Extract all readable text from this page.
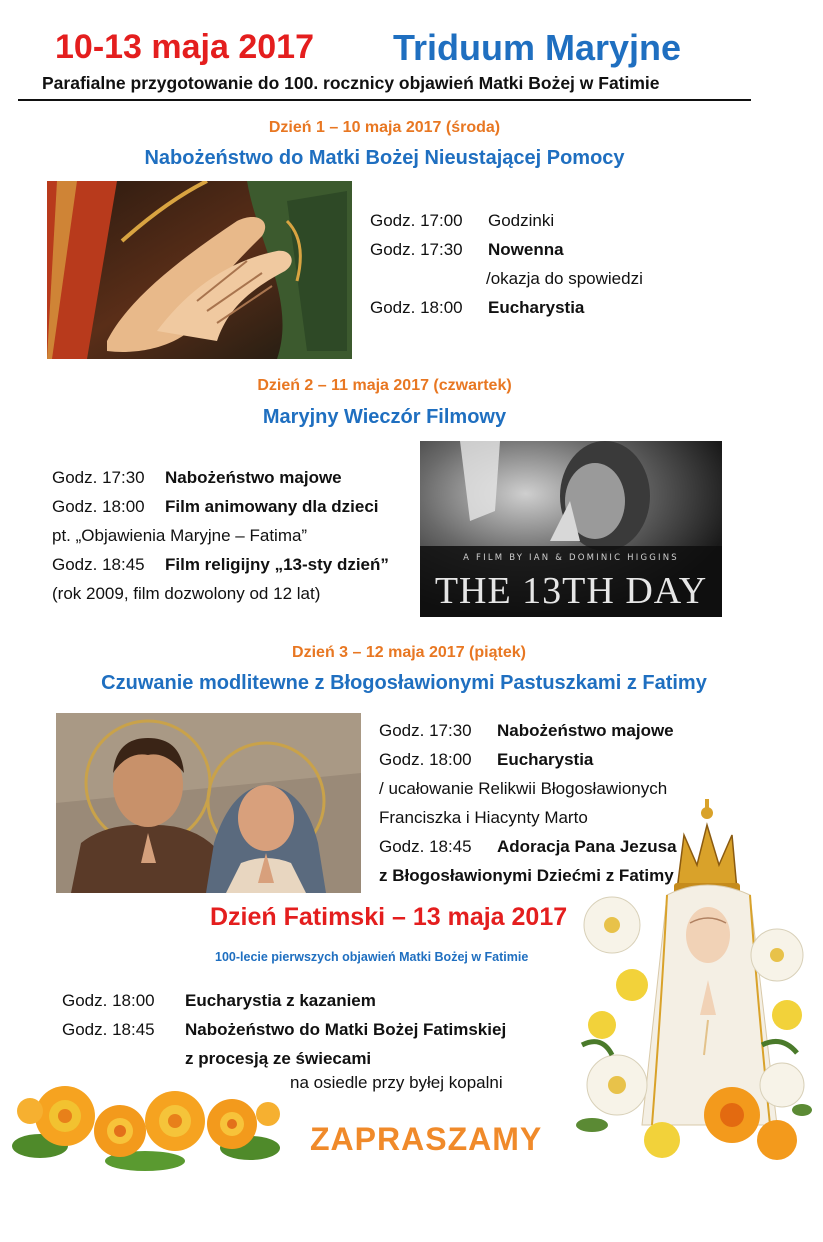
10-13 maja 2017 Triduum Maryjne
Parafialne przygotowanie do 100. rocznicy objawień Matki Bożej w Fatimie
Dzień 1 – 10 maja 2017 (środa)
Nabożeństwo do Matki Bożej Nieustającej Pomocy
Godz. 17:00 Godzinki
Godz. 17:30 Nowenna
/okazja do spowiedzi
Godz. 18:00 Eucharystia
Dzień 2 – 11 maja 2017 (czwartek)
Maryjny Wieczór Filmowy
Godz. 17:30 Nabożeństwo majowe
Godz. 18:00 Film animowany dla dzieci
pt. „Objawienia Maryjne – Fatima”
Godz. 18:45 Film religijny „13-sty dzień”
(rok 2009, film dozwolony od 12 lat)
A FILM BY IAN & DOMINIC HIGGINS
THE 13TH DAY
Dzień 3 – 12 maja 2017 (piątek)
Czuwanie modlitewne z Błogosławionymi Pastuszkami z Fatimy
Godz. 17:30 Nabożeństwo majowe
Godz. 18:00 Eucharystia
/ ucałowanie Relikwii Błogosławionych
Franciszka i Hiacynty Marto
Godz. 18:45 Adoracja Pana Jezusa
z Błogosławionymi Dziećmi z Fatimy
Dzień Fatimski – 13 maja 2017
100-lecie pierwszych objawień Matki Bożej w Fatimie
Godz. 18:00 Eucharystia z kazaniem
Godz. 18:45 Nabożeństwo do Matki Bożej Fatimskiej
z procesją ze świecami
na osiedle przy byłej kopalni
ZAPRASZAMY
